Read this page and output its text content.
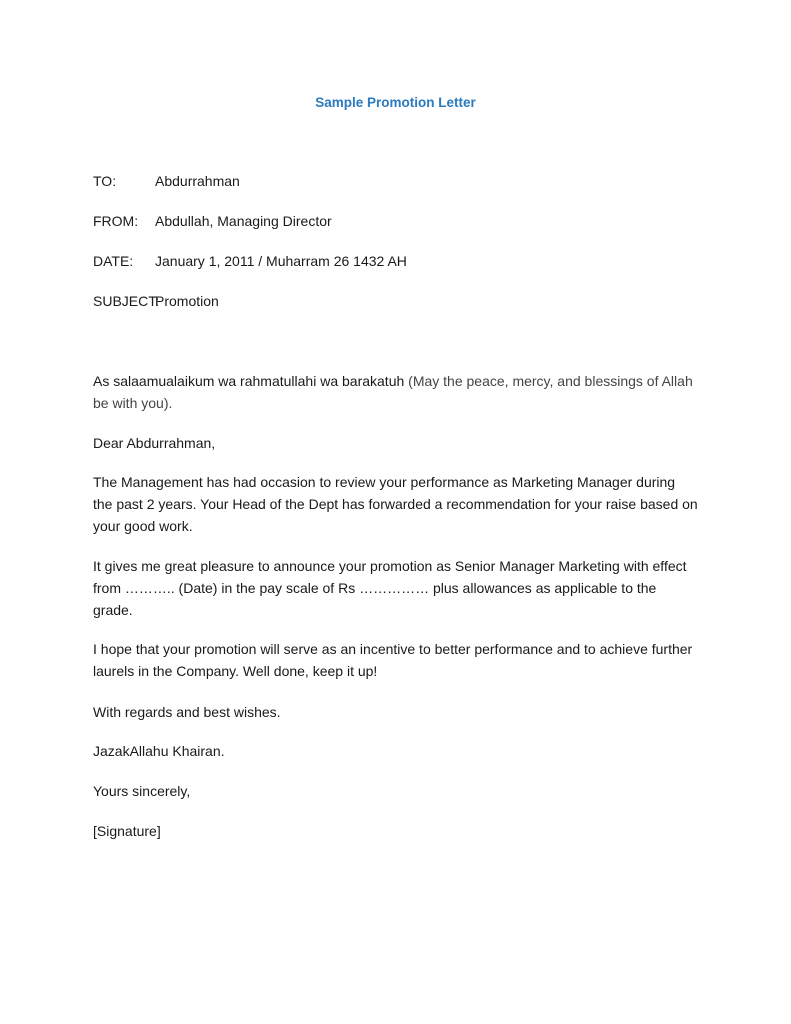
Sample Promotion Letter
TO:	Abdurrahman
FROM: Abdullah, Managing Director
DATE: January 1, 2011 / Muharram 26 1432 AH
SUBJECT:Promotion

As salaamualaikum wa rahmatullahi wa barakatuh (May the peace, mercy, and blessings of Allah be with you).

Dear Abdurrahman,

The Management has had occasion to review your performance as Marketing Manager during the past 2 years. Your Head of the Dept has forwarded a recommendation for your raise based on your good work.

It gives me great pleasure to announce your promotion as Senior Manager Marketing with effect from ……….. (Date) in the pay scale of Rs …………… plus allowances as applicable to the grade.

I hope that your promotion will serve as an incentive to better performance and to achieve further laurels in the Company. Well done, keep it up!

With regards and best wishes.

JazakAllahu Khairan.

Yours sincerely,

[Signature]
